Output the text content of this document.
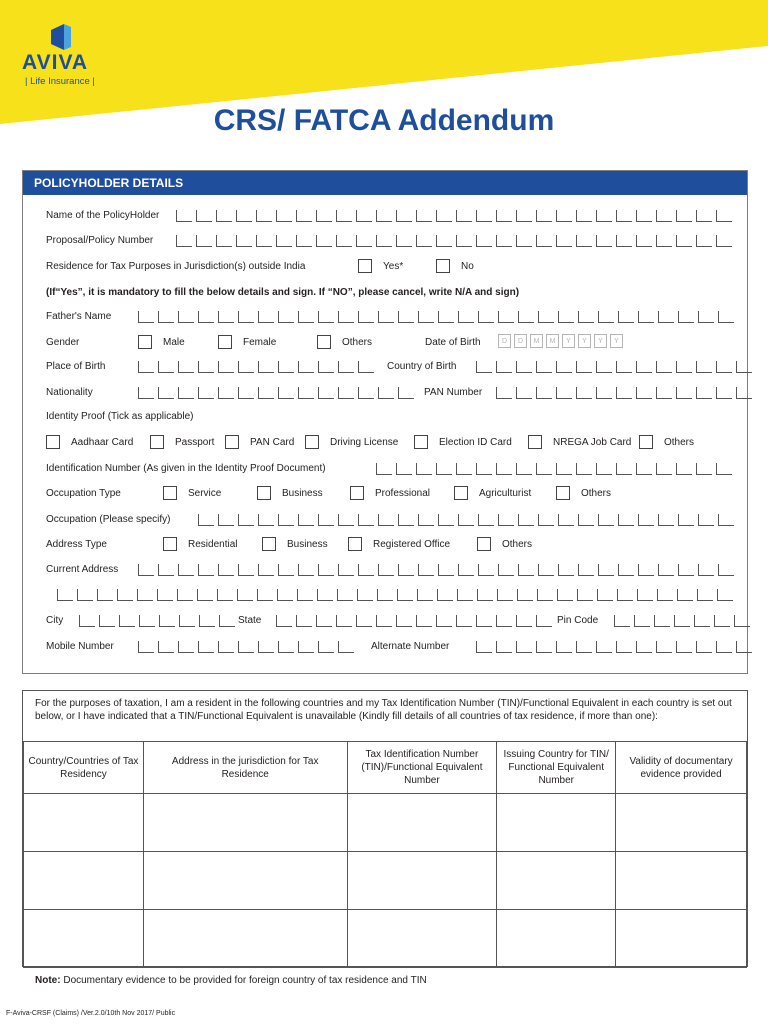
AVIVA
| Life Insurance |
CRS/ FATCA Addendum
POLICYHOLDER DETAILS
Name of the PolicyHolder
Proposal/Policy Number
Residence for Tax Purposes in Jurisdiction(s) outside India	Yes*	No
(If“Yes”, it is mandatory to fill the below details and sign. If “NO”, please cancel, write N/A and sign)
Father's Name
Gender	Male	Female	Others	Date of Birth	D	D	M	M	Y	Y	Y	Y
Place of Birth	Country of Birth
Nationality	PAN Number
Identity Proof (Tick as applicable)
Aadhaar Card	Passport	PAN Card	Driving License	Election ID Card	NREGA Job Card	Others
Identification Number (As given in the Identity Proof Document)
Occupation Type	Service	Business	Professional	Agriculturist	Others
Occupation (Please specify)
Address Type	Residential	Business	Registered Office	Others
Current Address
City	State	Pin Code
Mobile Number	Alternate Number
For the purposes of taxation, I am a resident in the following countries and my Tax Identification Number (TIN)/Functional Equivalent in each country is set out below, or I have indicated that a TIN/Functional Equivalent is unavailable (Kindly fill details of all countries of tax residence, if more than one):
Country/Countries of Tax Residency	Address in the jurisdiction for Tax Residence	Tax Identification Number (TIN)/Functional Equivalent Number	Issuing Country for TIN/ Functional Equivalent Number	Validity of documentary evidence provided

Note: Documentary evidence to be provided for foreign country of tax residence and TIN
F-Aviva-CRSF (Claims) /Ver.2.0/10th Nov 2017/ Public
